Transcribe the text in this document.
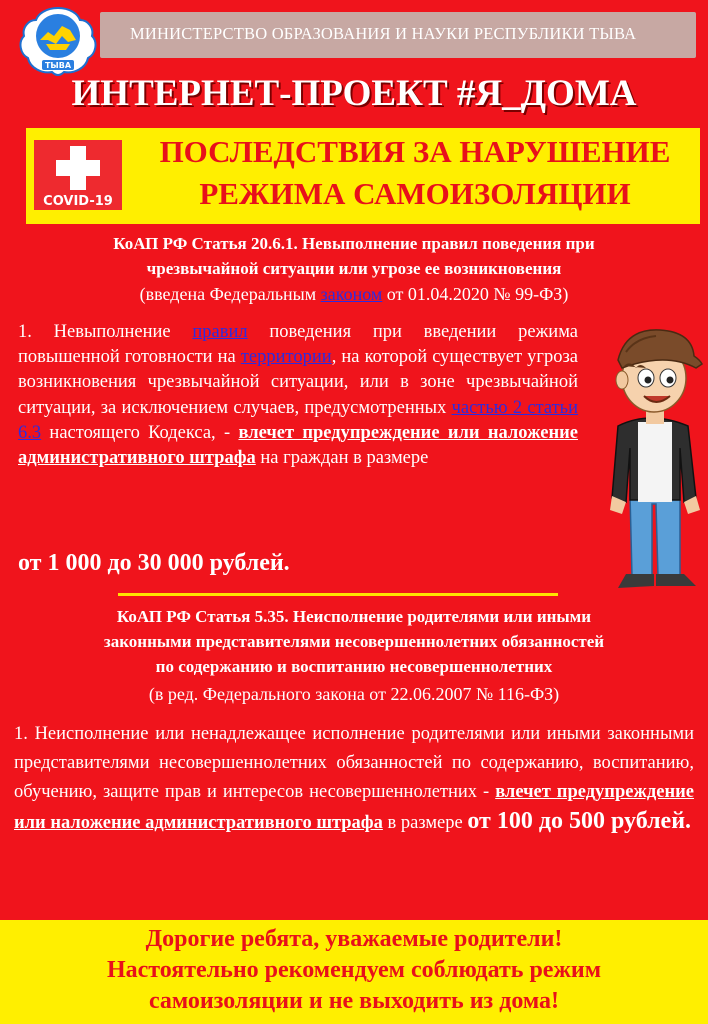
МИНИСТЕРСТВО ОБРАЗОВАНИЯ И НАУКИ РЕСПУБЛИКИ ТЫВА
ТЫВА
ИНТЕРНЕТ-ПРОЕКТ #Я_ДОМА
COVID-19
ПОСЛЕДСТВИЯ ЗА НАРУШЕНИЕ
РЕЖИМА САМОИЗОЛЯЦИИ
КоАП РФ Статья 20.6.1. Невыполнение правил поведения при
чрезвычайной ситуации или угрозе ее возникновения
(введена Федеральным законом от 01.04.2020 № 99-ФЗ)
1. Невыполнение правил поведения при введении режима повышенной готовности на территории, на которой существует угроза возникновения чрезвычайной ситуации, или в зоне чрезвычайной ситуации, за исключением случаев, предусмотренных частью 2 статьи 6.3 настоящего Кодекса, - влечет предупреждение или наложение административного штрафа на граждан в размере
от 1 000 до 30 000 рублей.
КоАП РФ Статья 5.35. Неисполнение родителями или иными
законными представителями несовершеннолетних обязанностей
по содержанию и воспитанию несовершеннолетних
(в ред. Федерального закона от 22.06.2007 № 116-ФЗ)
1. Неисполнение или ненадлежащее исполнение родителями или иными законными представителями несовершеннолетних обязанностей по содержанию, воспитанию, обучению, защите прав и интересов несовершеннолетних - влечет предупреждение или наложение административного штрафа в размере от 100 до 500 рублей.
Дорогие ребята, уважаемые родители!
Настоятельно рекомендуем соблюдать режим
самоизоляции и не выходить из дома!
